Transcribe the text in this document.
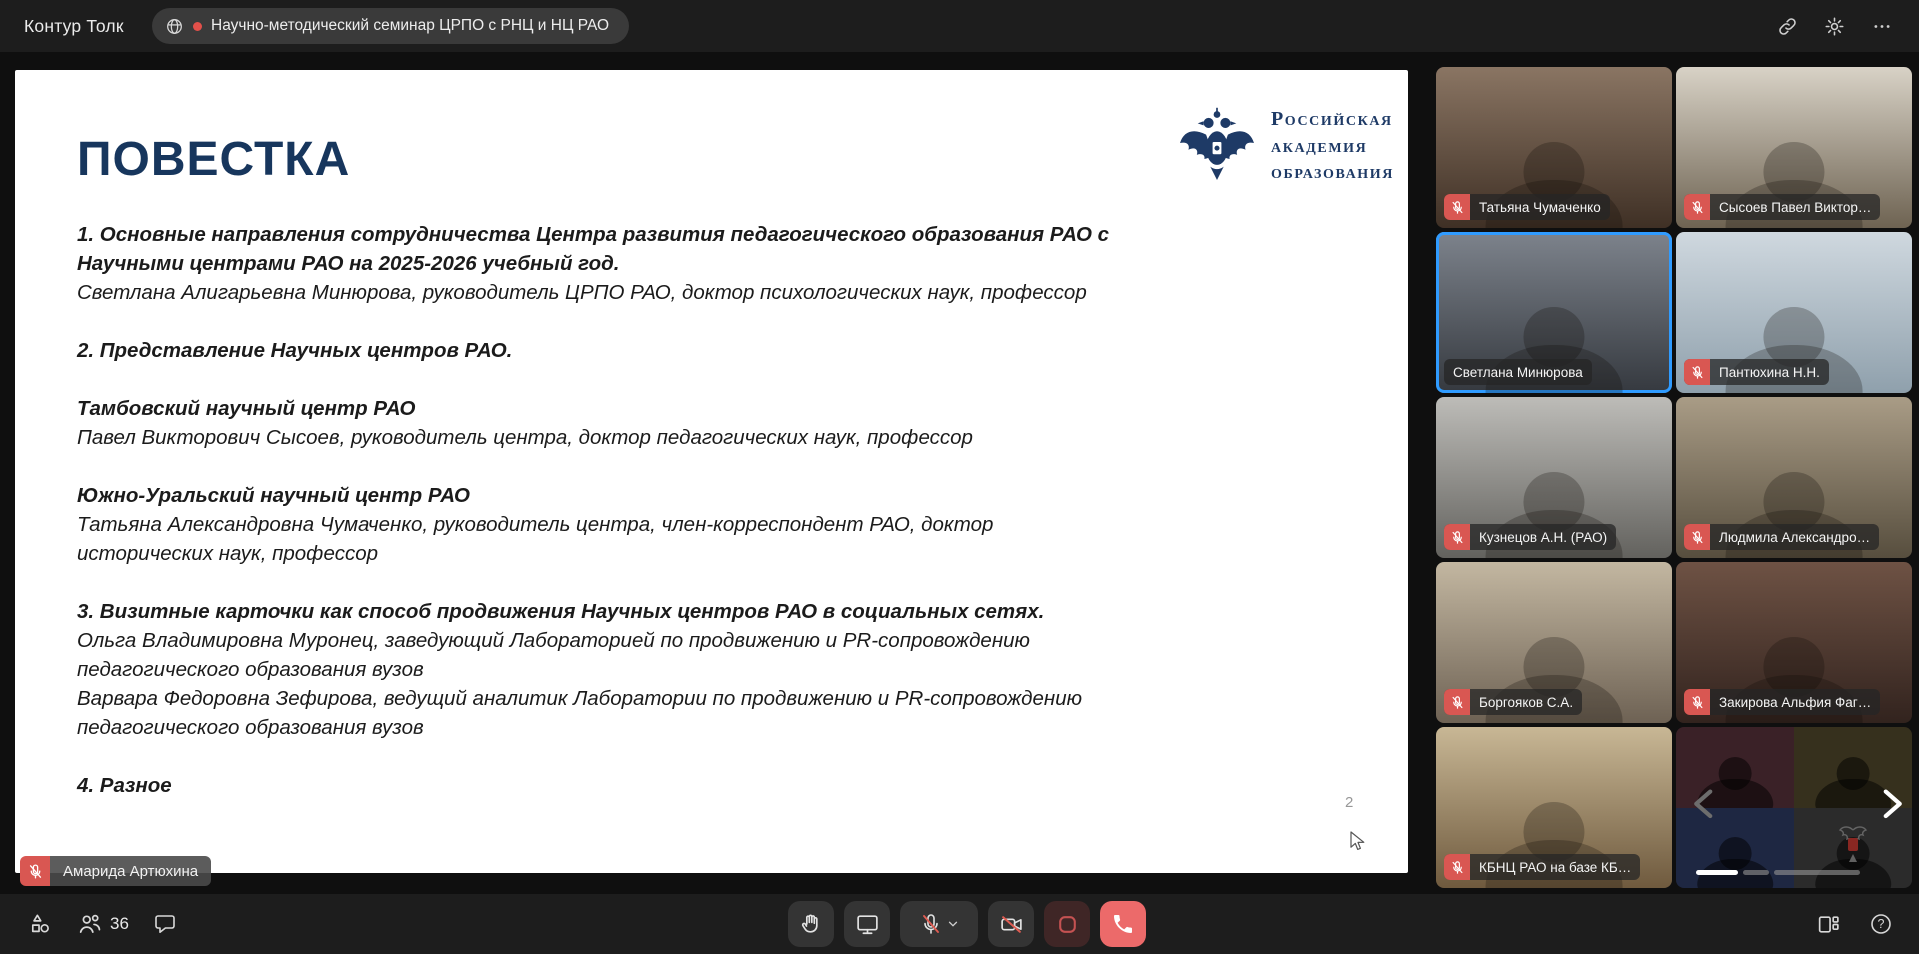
Контур Толк	Научно-методический семинар ЦРПО с РНЦ и НЦ РАО
ПОВЕСТКА
Российская
академия
образования

1. Основные направления сотрудничества Центра развития педагогического образования РАО с Научными центрами РАО на 2025-2026 учебный год.

Светлана Алигарьевна Минюрова, руководитель ЦРПО РАО, доктор психологических наук, профессор

2. Представление Научных центров РАО.

Тамбовский научный центр РАО

Павел Викторович Сысоев, руководитель центра, доктор педагогических наук, профессор

Южно-Уральский научный центр РАО

Татьяна Александровна Чумаченко, руководитель центра, член-корреспондент РАО, доктор исторических наук, профессор

3. Визитные карточки как способ продвижения Научных центров РАО в социальных сетях.

Ольга Владимировна Муронец, заведующий Лабораторией по продвижению и PR-сопровождению педагогического образования вузов

Варвара Федоровна Зефирова, ведущий аналитик Лаборатории по продвижению и PR-сопровождению педагогического образования вузов

4. Разное

2
Амарида Артюхина
Татьяна Чумаченко	Сысоев Павел Виктор…
Светлана Минюрова	Пантюхина Н.Н.
Кузнецов А.Н. (РАО)	Людмила Александро…
Боргояков С.А.	Закирова Альфия Фаг…
КБНЦ РАО на базе КБ…
36	?
